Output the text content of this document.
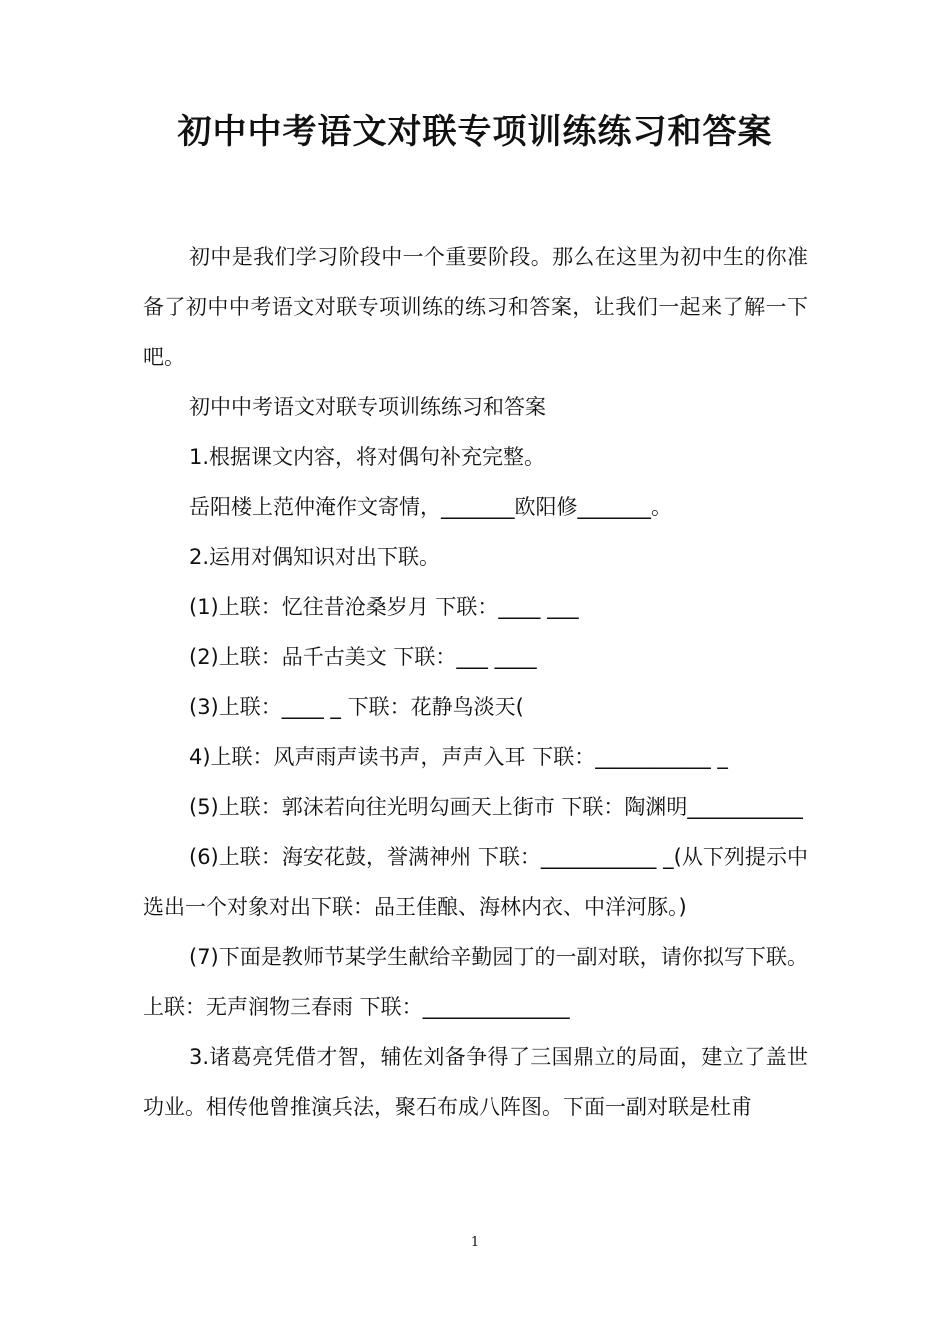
初中中考语文对联专项训练练习和答案

初中是我们学习阶段中一个重要阶段。那么在这里为初中生的你准备了初中中考语文对联专项训练的练习和答案，让我们一起来了解一下吧。

初中中考语文对联专项训练练习和答案

1.根据课文内容，将对偶句补充完整。

岳阳楼上范仲淹作文寄情，_______欧阳修_______。

2.运用对偶知识对出下联。

(1)上联：忆往昔沧桑岁月 下联：____ ___

(2)上联：品千古美文 下联：___ ____

(3)上联：____ _ 下联：花静鸟淡天(

4)上联：风声雨声读书声，声声入耳 下联：___________ _

(5)上联：郭沫若向往光明勾画天上街市 下联：陶渊明___________

(6)上联：海安花鼓，誉满神州 下联：___________ _(从下列提示中选出一个对象对出下联：品王佳酿、海林内衣、中洋河豚。)

(7)下面是教师节某学生献给辛勤园丁的一副对联，请你拟写下联。上联：无声润物三春雨 下联：______________

3.诸葛亮凭借才智，辅佐刘备争得了三国鼎立的局面，建立了盖世功业。相传他曾推演兵法，聚石布成八阵图。下面一副对联是杜甫

1
